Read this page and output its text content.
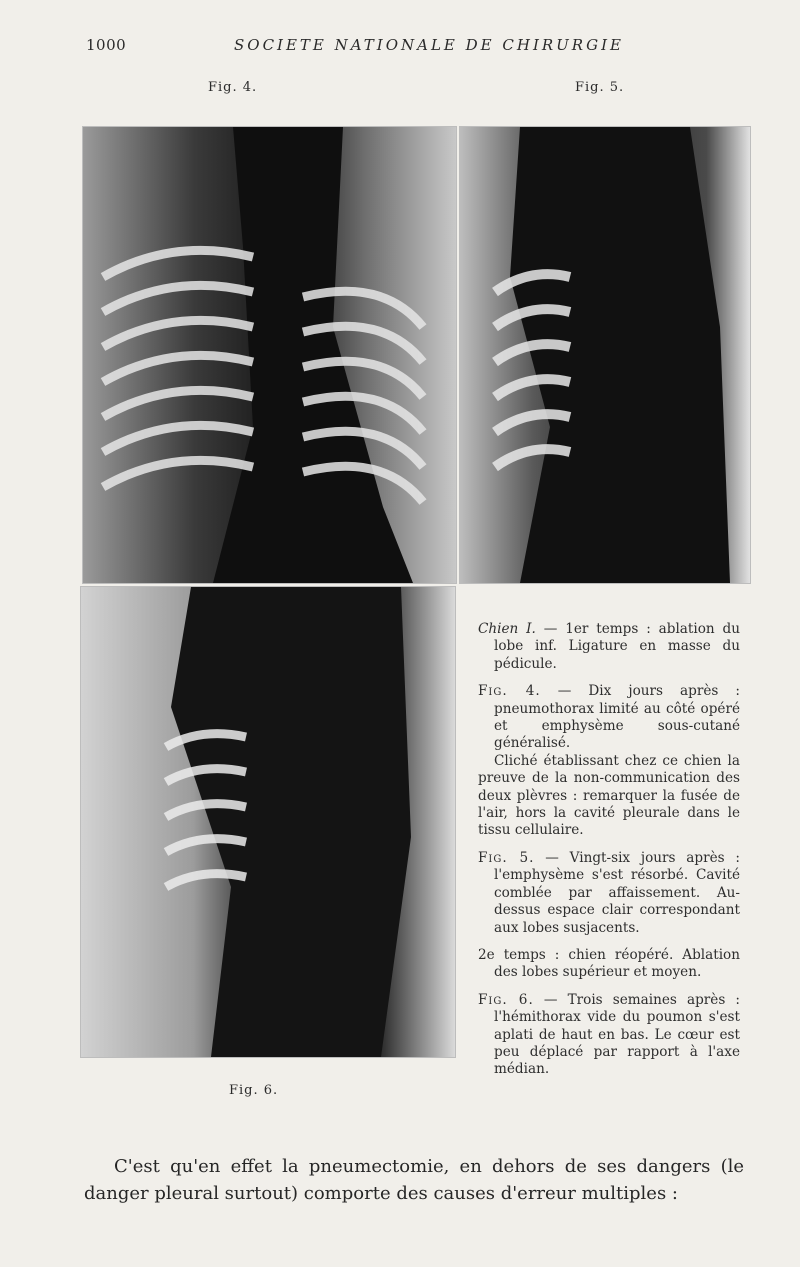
1000	SOCIETE NATIONALE DE CHIRURGIE
Fig. 4.	Fig. 5.
Fig. 6.

Chien I. — 1er temps : ablation du lobe inf. Ligature en masse du pédicule.

Fig. 4. — Dix jours après : pneumothorax limité au côté opéré et emphysème sous-cutané généralisé.

Cliché établissant chez ce chien la preuve de la non-communication des deux plèvres : remarquer la fusée de l'air, hors la cavité pleurale dans le tissu cellulaire.

Fig. 5. — Vingt-six jours après : l'emphysème s'est résorbé. Cavité comblée par affaissement. Au-dessus espace clair correspondant aux lobes susjacents.

2e temps : chien réopéré. Ablation des lobes supérieur et moyen.

Fig. 6. — Trois semaines après : l'hémithorax vide du poumon s'est aplati de haut en bas. Le cœur est peu déplacé par rapport à l'axe médian.

C'est qu'en effet la pneumectomie, en dehors de ses dangers (le danger pleural surtout) comporte des causes d'erreur multiples :
